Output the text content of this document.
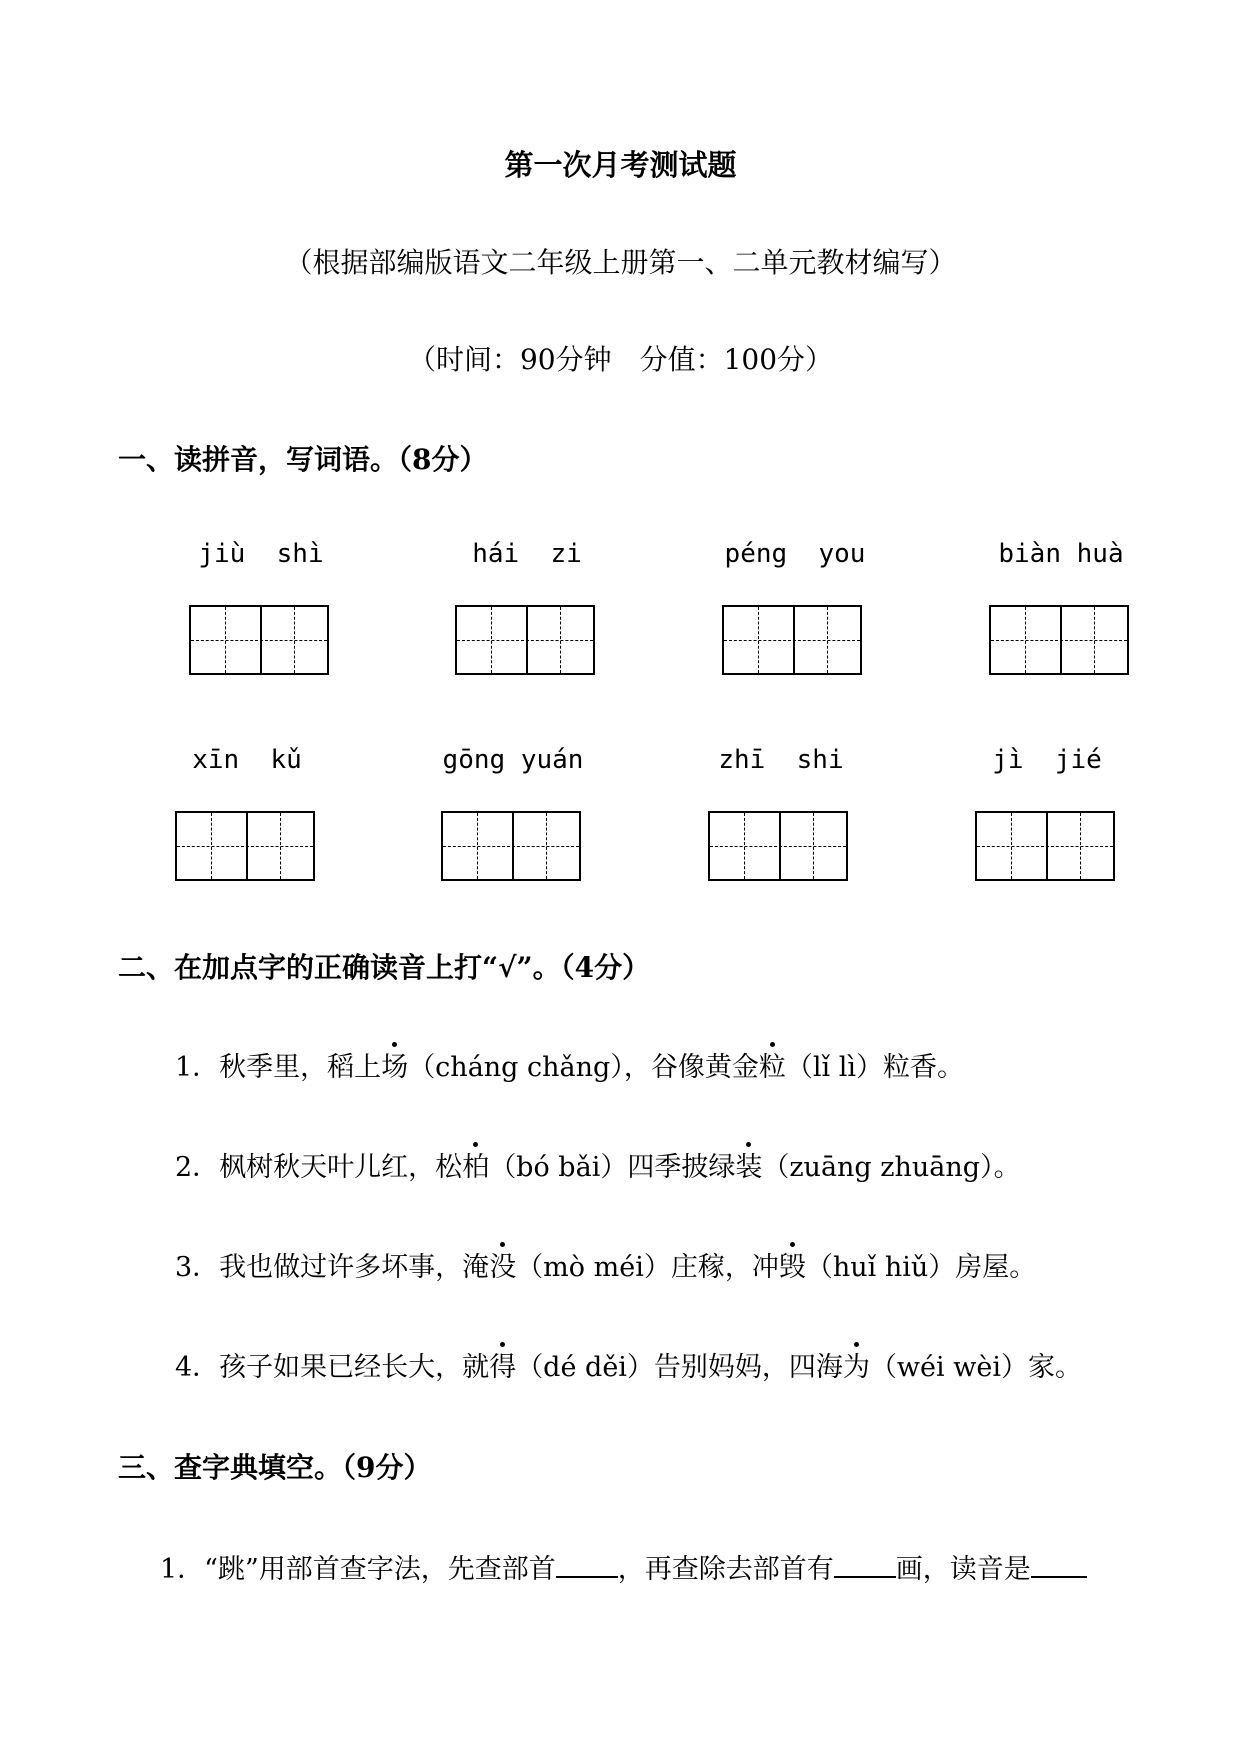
第一次月考测试题
（根据部编版语文二年级上册第一、二单元教材编写）
（时间：90分钟　分值：100分）
一、读拼音，写词语。（8分）
jiù  shì	hái  zi	péng  you	biàn huà
xīn  kǔ	gōng yuán	zhī  shi	jì  jié
二、在加点字的正确读音上打“√”。（4分）
1．秋季里，稻上场（cháng chǎng），谷像黄金粒（lǐ lì）粒香。
2．枫树秋天叶儿红，松柏（bó bǎi）四季披绿装（zuāng zhuāng）。
3．我也做过许多坏事，淹没（mò méi）庄稼，冲毁（huǐ hiǔ）房屋。
4．孩子如果已经长大，就得（dé děi）告别妈妈，四海为（wéi wèi）家。
三、查字典填空。（9分）
1．“跳”用部首查字法，先查部首 ，再查除去部首有 画，读音是
